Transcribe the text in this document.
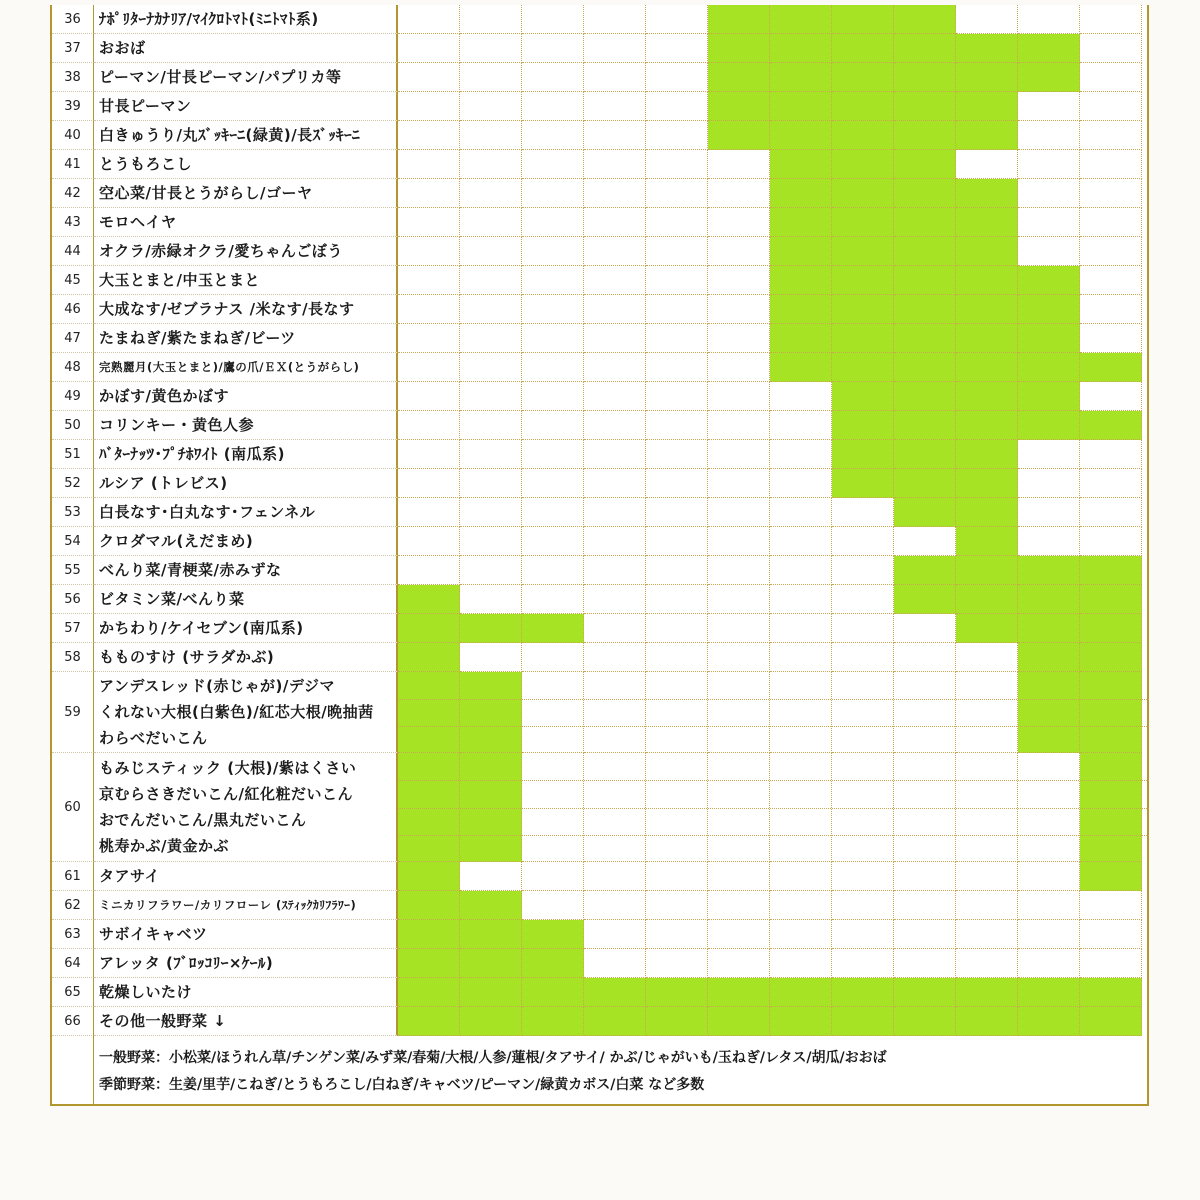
36	ﾅﾎﾟﾘﾀｰﾅｶﾅﾘｱ/ﾏｲｸﾛﾄﾏﾄ(ﾐﾆﾄﾏﾄ系)
37	おおば
38	ピーマン/甘長ピーマン/パプリカ等
39	甘長ピーマン
40	白きゅうり/丸ｽﾞｯｷｰﾆ(緑黄)/長ｽﾞｯｷｰﾆ
41	とうもろこし
42	空心菜/甘長とうがらし/ゴーヤ
43	モロヘイヤ
44	オクラ/赤緑オクラ/愛ちゃんごぼう
45	大玉とまと/中玉とまと
46	大成なす/ゼブラナス /米なす/長なす
47	たまねぎ/紫たまねぎ/ビーツ
48	完熟麗月(大玉とまと)/鷹の爪/ＥＸ(とうがらし)
49	かぼす/黄色かぼす
50	コリンキー・黄色人参
51	ﾊﾞﾀｰﾅｯﾂ･ﾌﾟﾁﾎﾜｲﾄ (南瓜系)
52	ルシア (トレビス)
53	白長なす･白丸なす･フェンネル
54	クロダマル(えだまめ)
55	べんり菜/青梗菜/赤みずな
56	ビタミン菜/べんり菜
57	かちわり/ケイセブン(南瓜系)
58	もものすけ (サラダかぶ)
59
アンデスレッド(赤じゃが)/デジマ
くれない大根(白紫色)/紅芯大根/晩抽茜
わらべだいこん
60
もみじスティック (大根)/紫はくさい
京むらさきだいこん/紅化粧だいこん
おでんだいこん/黒丸だいこん
桃寿かぶ/黄金かぶ
61	タアサイ
62	ミニカリフラワー/カリフローレ (ｽﾃｨｯｸｶﾘﾌﾗﾜｰ)
63	サボイキャベツ
64	アレッタ (ﾌﾞﾛｯｺﾘｰ×ｹｰﾙ)
65	乾燥しいたけ
66	その他一般野菜 ↓
一般野菜：小松菜/ほうれん草/チンゲン菜/みず菜/春菊/大根/人参/蓮根/タアサイ/ かぶ/じゃがいも/玉ねぎ/レタス/胡瓜/おおば
季節野菜：生姜/里芋/こねぎ/とうもろこし/白ねぎ/キャベツ/ピーマン/緑黄カボス/白菜 など多数
